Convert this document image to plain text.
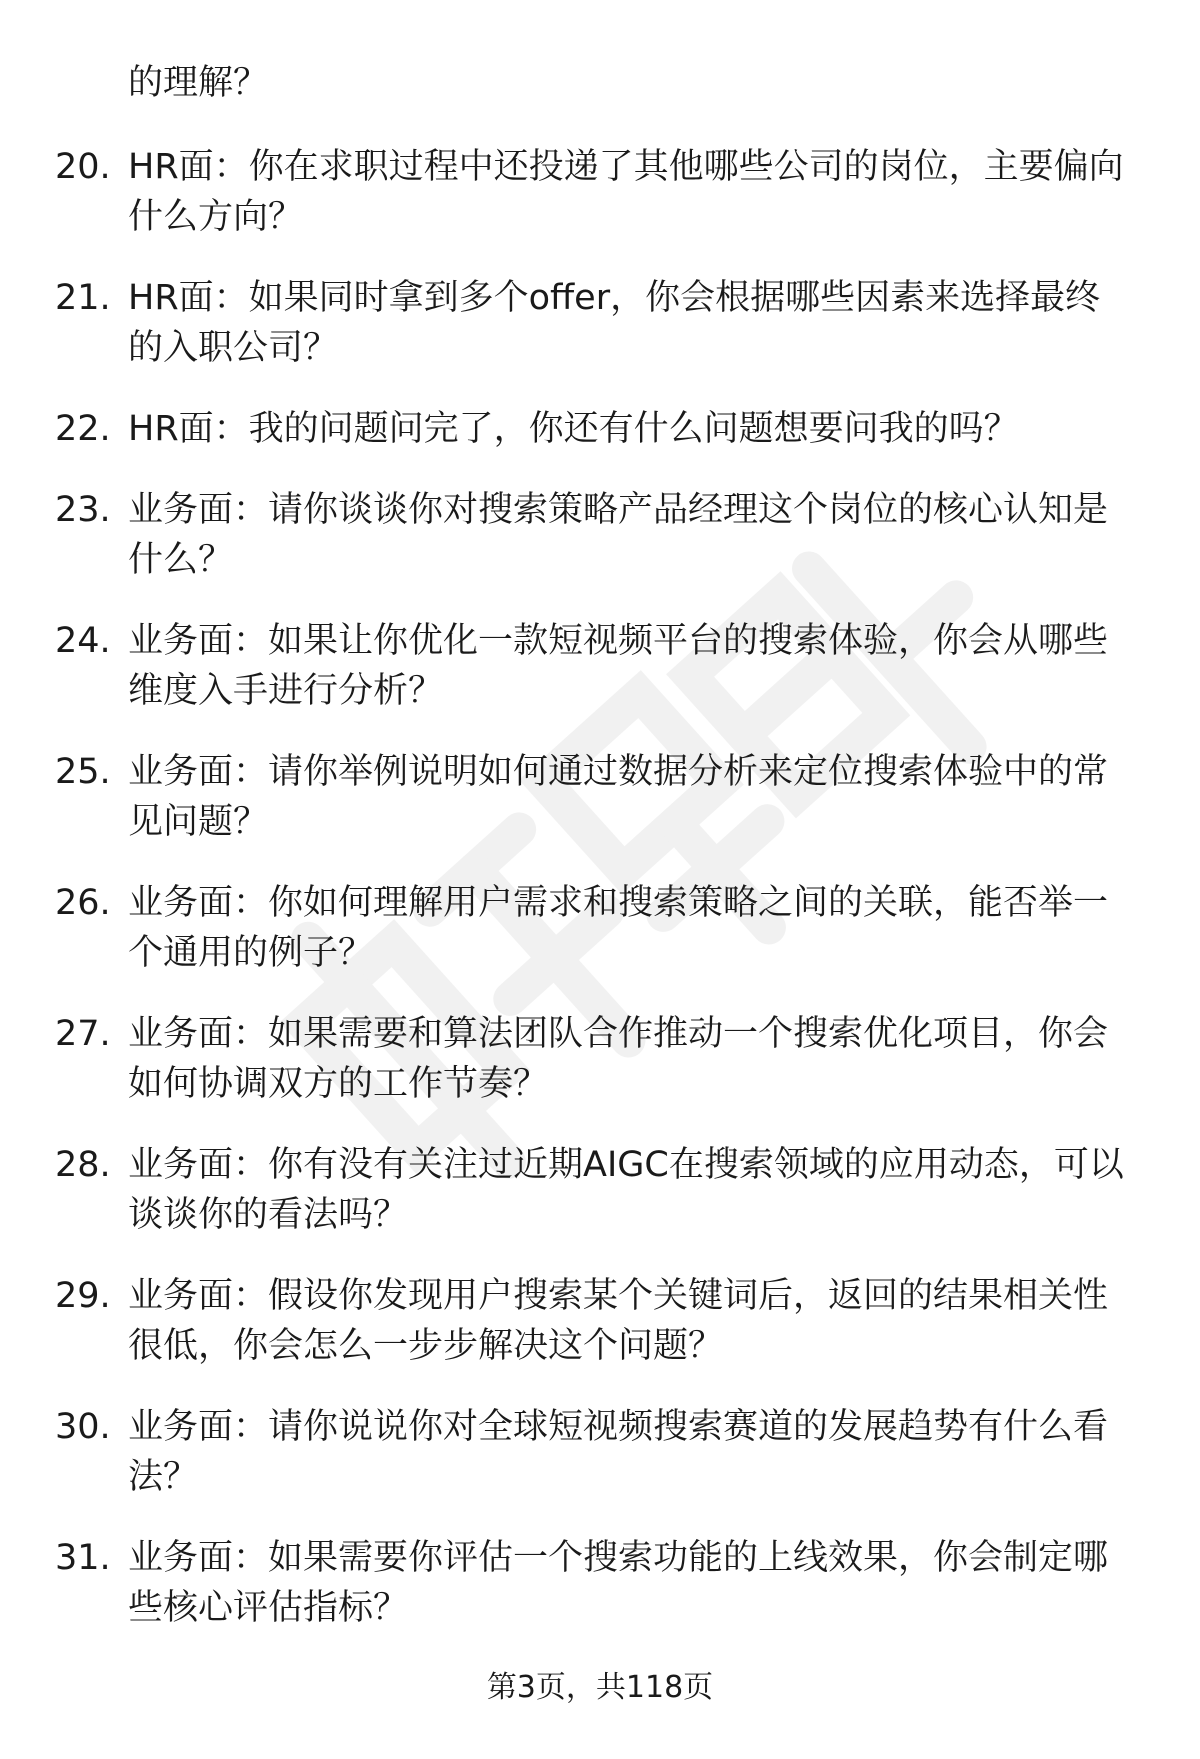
的理解？
20. HR面：你在求职过程中还投递了其他哪些公司的岗位，主要偏向
什么方向？
21. HR面：如果同时拿到多个offer，你会根据哪些因素来选择最终
的入职公司？
22. HR面：我的问题问完了，你还有什么问题想要问我的吗？
23. 业务面：请你谈谈你对搜索策略产品经理这个岗位的核心认知是
什么？
24. 业务面：如果让你优化一款短视频平台的搜索体验，你会从哪些
维度入手进行分析？
25. 业务面：请你举例说明如何通过数据分析来定位搜索体验中的常
见问题？
26. 业务面：你如何理解用户需求和搜索策略之间的关联，能否举一
个通用的例子？
27. 业务面：如果需要和算法团队合作推动一个搜索优化项目，你会
如何协调双方的工作节奏？
28. 业务面：你有没有关注过近期AIGC在搜索领域的应用动态，可以
谈谈你的看法吗？
29. 业务面：假设你发现用户搜索某个关键词后，返回的结果相关性
很低，你会怎么一步步解决这个问题？
30. 业务面：请你说说你对全球短视频搜索赛道的发展趋势有什么看
法？
31. 业务面：如果需要你评估一个搜索功能的上线效果，你会制定哪
些核心评估指标？
第3页，共118页
